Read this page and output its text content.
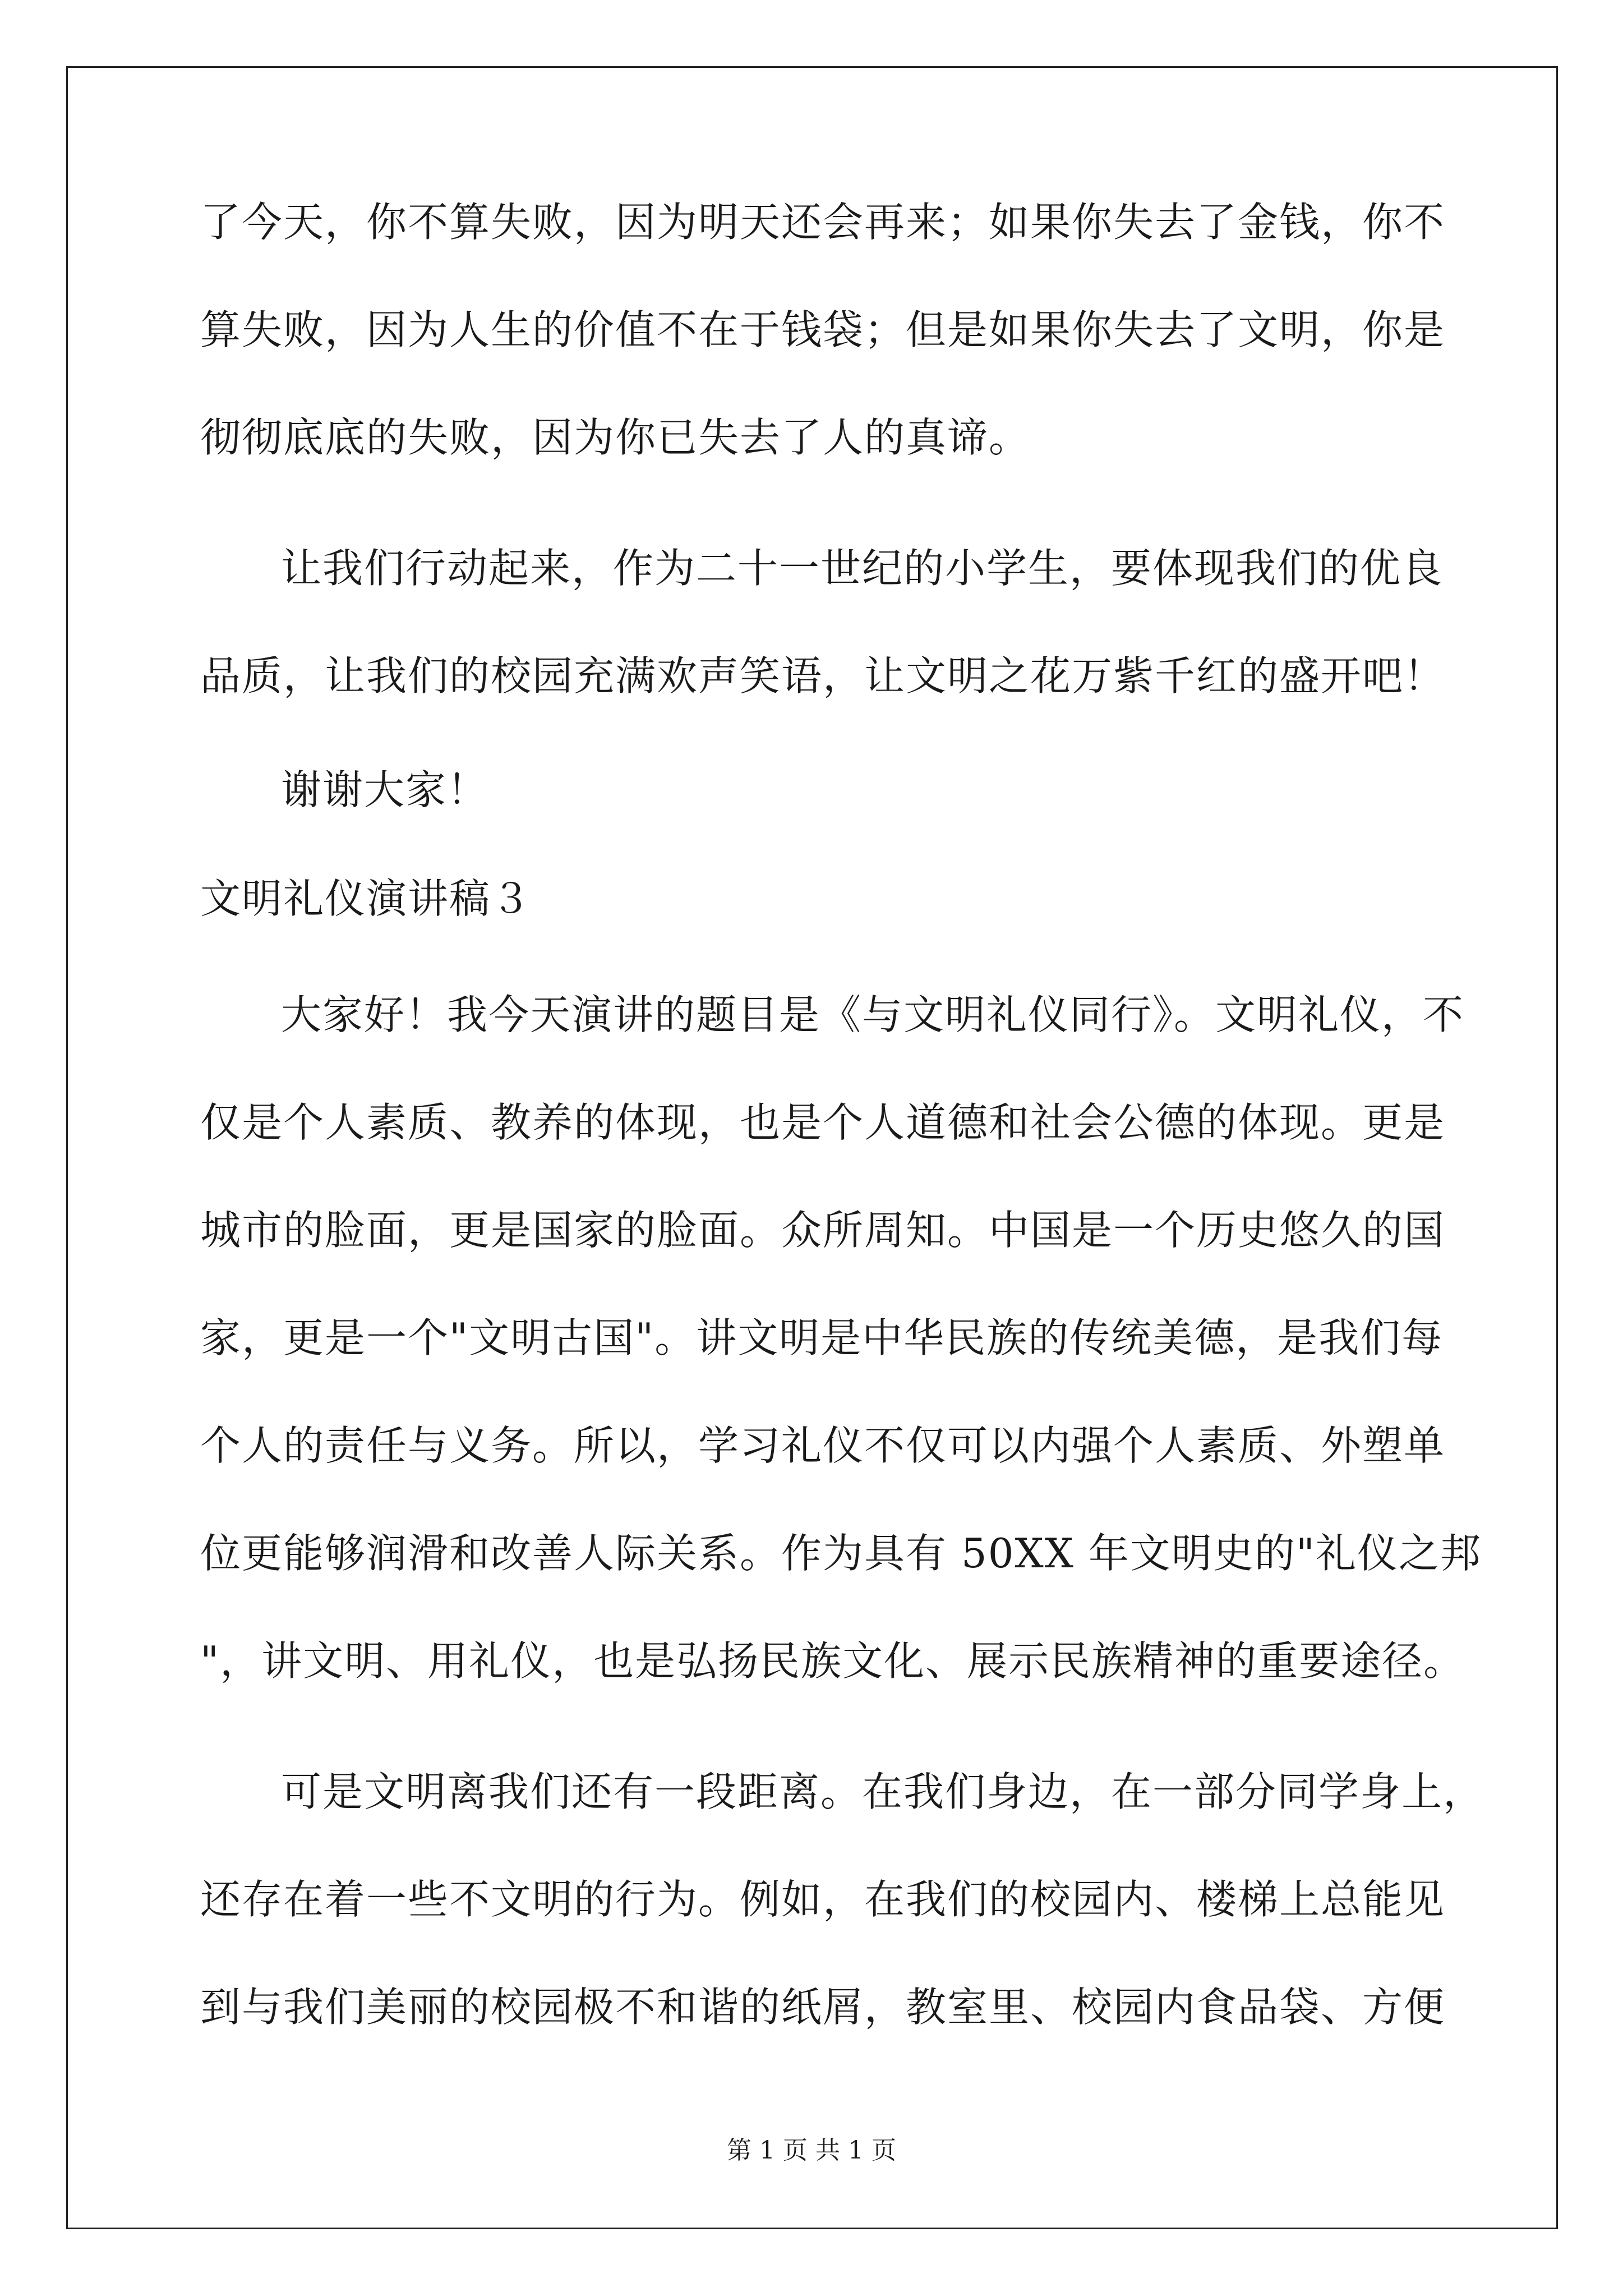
了今天，你不算失败，因为明天还会再来；如果你失去了金钱，你不
算失败，因为人生的价值不在于钱袋；但是如果你失去了文明，你是
彻彻底底的失败，因为你已失去了人的真谛。
让我们行动起来，作为二十一世纪的小学生，要体现我们的优良
品质，让我们的校园充满欢声笑语，让文明之花万紫千红的盛开吧！
谢谢大家！
文明礼仪演讲稿３
大家好！我今天演讲的题目是《与文明礼仪同行》。文明礼仪，不
仅是个人素质、教养的体现，也是个人道德和社会公德的体现。更是
城市的脸面，更是国家的脸面。众所周知。中国是一个历史悠久的国
家，更是一个"文明古国"。讲文明是中华民族的传统美德，是我们每
个人的责任与义务。所以，学习礼仪不仅可以内强个人素质、外塑单
位更能够润滑和改善人际关系。作为具有 50XX 年文明史的"礼仪之邦
"，讲文明、用礼仪，也是弘扬民族文化、展示民族精神的重要途径。
可是文明离我们还有一段距离。在我们身边，在一部分同学身上，
还存在着一些不文明的行为。例如，在我们的校园内、楼梯上总能见
到与我们美丽的校园极不和谐的纸屑，教室里、校园内食品袋、方便
第 1 页 共 1 页
